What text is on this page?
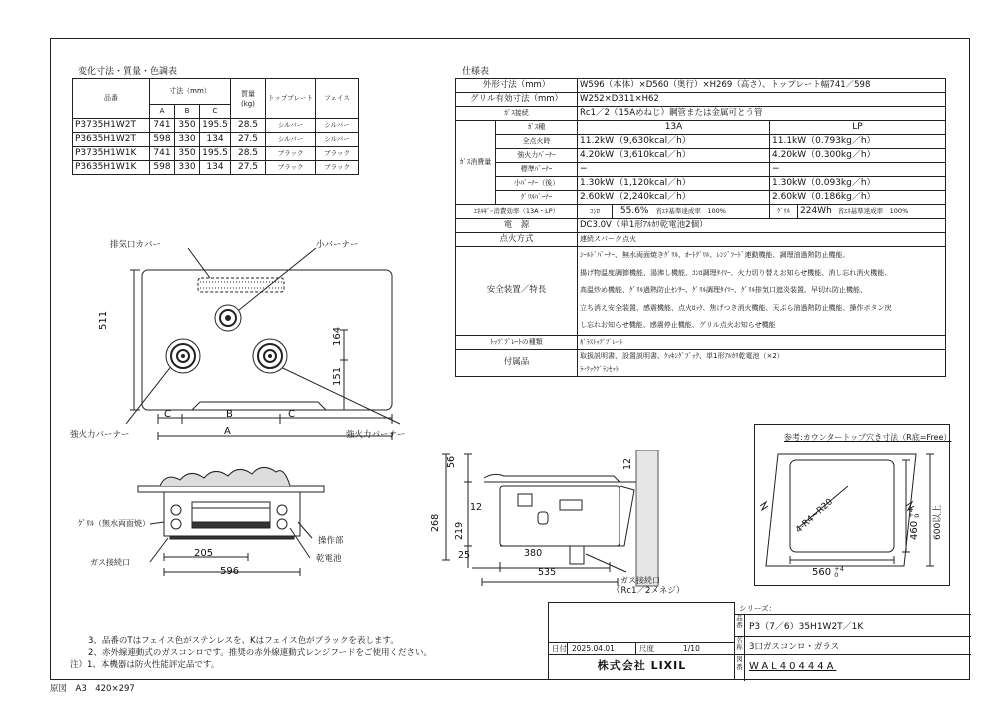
変化寸法・質量・色調表
品番	寸法（mm）			質量 (kg)	トッププレート	フェイス
	A	B	C			
P3735H1W2T	741	350	195.5	28.5	シルバー	シルバー
P3635H1W2T	598	330	134	27.5	シルバー	シルバー
P3735H1W1K	741	350	195.5	28.5	ブラック	ブラック
P3635H1W1K	598	330	134	27.5	ブラック	ブラック
仕様表
外形寸法（mm）		W596（本体）×D560（奥行）×H269（高さ）、トップレート幅741／598		
グリル有効寸法（mm）		W252×D311×H62		
ｶﾞｽ接続		Rc1／2（15Aめねじ）鋼管または金属可とう管		
ｶﾞｽ消費量	ｶﾞｽ種	13A	LP	
	全点火時	11.2kW（9,630kcal／h）	11.1kW（0.793kg／h）	
	強火力ﾊﾞｰﾅｰ	4.20kW（3,610kcal／h）	4.20kW（0.300kg／h）	
	標準ﾊﾞｰﾅｰ	−	−	
	小ﾊﾞｰﾅｰ（後）	1.30kW（1,120kcal／h）	1.30kW（0.093kg／h）	
	ｸﾞﾘﾙﾊﾞｰﾅｰ	2.60kW（2,240kcal／h）	2.60kW（0.186kg／h）	
ｴﾈﾙｷﾞｰ消費効率（13A・LP）		ｺﾝﾛ 55.6% 省ｴﾈ基準達成率　100%	ｸﾞﾘﾙ	224Wh 省ｴﾈ基準達成率　100%
電　源		DC3.0V（単1形ｱﾙｶﾘ乾電池2個）		
点火方式		連続スパーク点火		
安全装置／特長		ｼｰﾙﾄﾞﾊﾞｰﾅｰ、無水両面焼きｸﾞﾘﾙ、ｵｰﾄｸﾞﾘﾙ、ﾚﾝｼﾞﾌｰﾄﾞ連動機能、調理油過熱防止機能、
揚げ物温度調節機能、湯沸し機能、ｺﾝﾛ調理ﾀｲﾏｰ、火力切り替えお知らせ機能、消し忘れ消火機能、
高温炒め機能、ｸﾞﾘﾙ過熱防止ｾﾝｻｰ、ｸﾞﾘﾙ調理ﾀｲﾏｰ、ｸﾞﾘﾙ排気口遮炎装置、早切れ防止機能、
立ち消え安全装置、感震機能、点火ﾛｯｸ、焦げつき消火機能、天ぷら油過熱防止機能、操作ボタン戻
し忘れお知らせ機能、感震停止機能、グリル点火お知らせ機能		

ﾄｯﾌﾟﾌﾟﾚｰﾄの種類		ｶﾞﾗｽﾄｯﾌﾟﾌﾟﾚｰﾄ		
付属品		取扱説明書、設置説明書、ｸｯｷﾝｸﾞﾌﾞｯｸ、単1形ｱﾙｶﾘ乾電池（×2）
ﾗｰｸｯｸｸﾞﾗﾝｾｯﾄ		
排気口カバー	小バーナー
511
164
151
C	B	C
A
強火力バーナー	強火力バーナー
ｸﾞﾘﾙ（無水両面焼）
ガス接続口
操作部
乾電池
205
596
56
219
268
12
12
25	380
535
ガス接続口
（Rc1／2メネジ）
参考:カウンタートップ穴き寸法（R底=Free）
4-R4~R20
560 +4
0
460
+4
0	600以上
3、品番のTはフェイス色がステンレスを、Kはフェイス色がブラックを表します。
2、赤外線連動式のガスコンロです。推奨の赤外線連動式レンジフードをご使用ください。
注）1、本機器は防火性能評定品です。
原図　A3　420×297
日付 2025.04.01	尺度	1/10
株式会社 LIXIL
シリーズ：
品番 P3（7／6）35H1W2T／1K
名称 3口ガスコンロ・ガラス
図番 WAL40444A
